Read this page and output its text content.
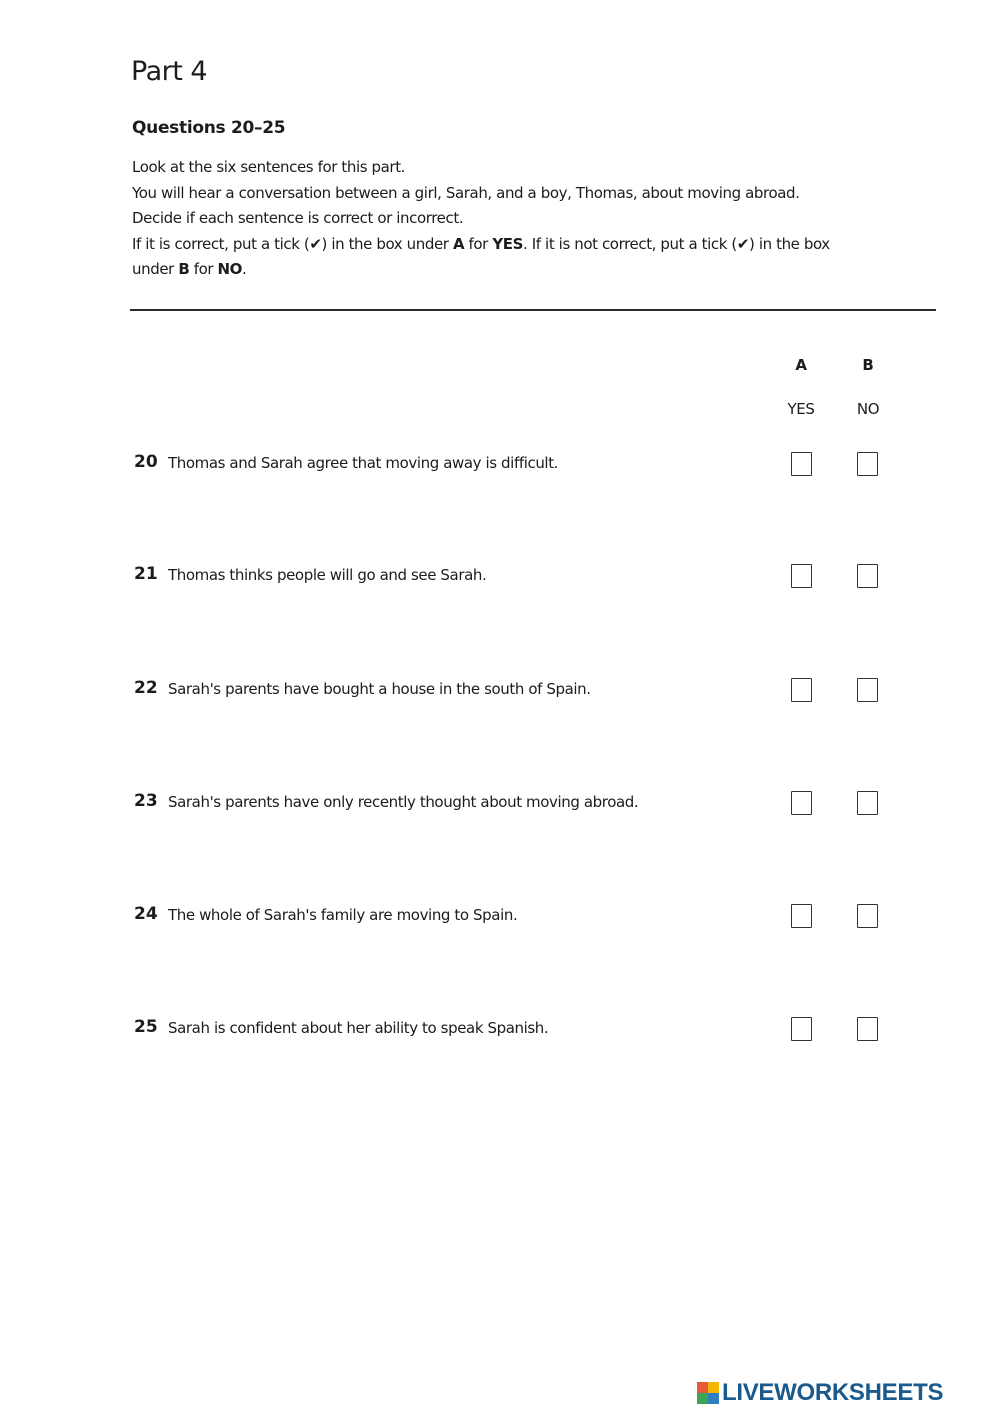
Part 4
Questions 20–25

Look at the six sentences for this part.

You will hear a conversation between a girl, Sarah, and a boy, Thomas, about moving abroad.

Decide if each sentence is correct or incorrect.

If it is correct, put a tick (✔) in the box under A for YES. If it is not correct, put a tick (✔) in the box

under B for NO.

A	B
YES	NO
20 Thomas and Sarah agree that moving away is difficult.
21 Thomas thinks people will go and see Sarah.
22 Sarah's parents have bought a house in the south of Spain.
23 Sarah's parents have only recently thought about moving abroad.
24 The whole of Sarah's family are moving to Spain.
25 Sarah is confident about her ability to speak Spanish.
LIVEWORKSHEETS
